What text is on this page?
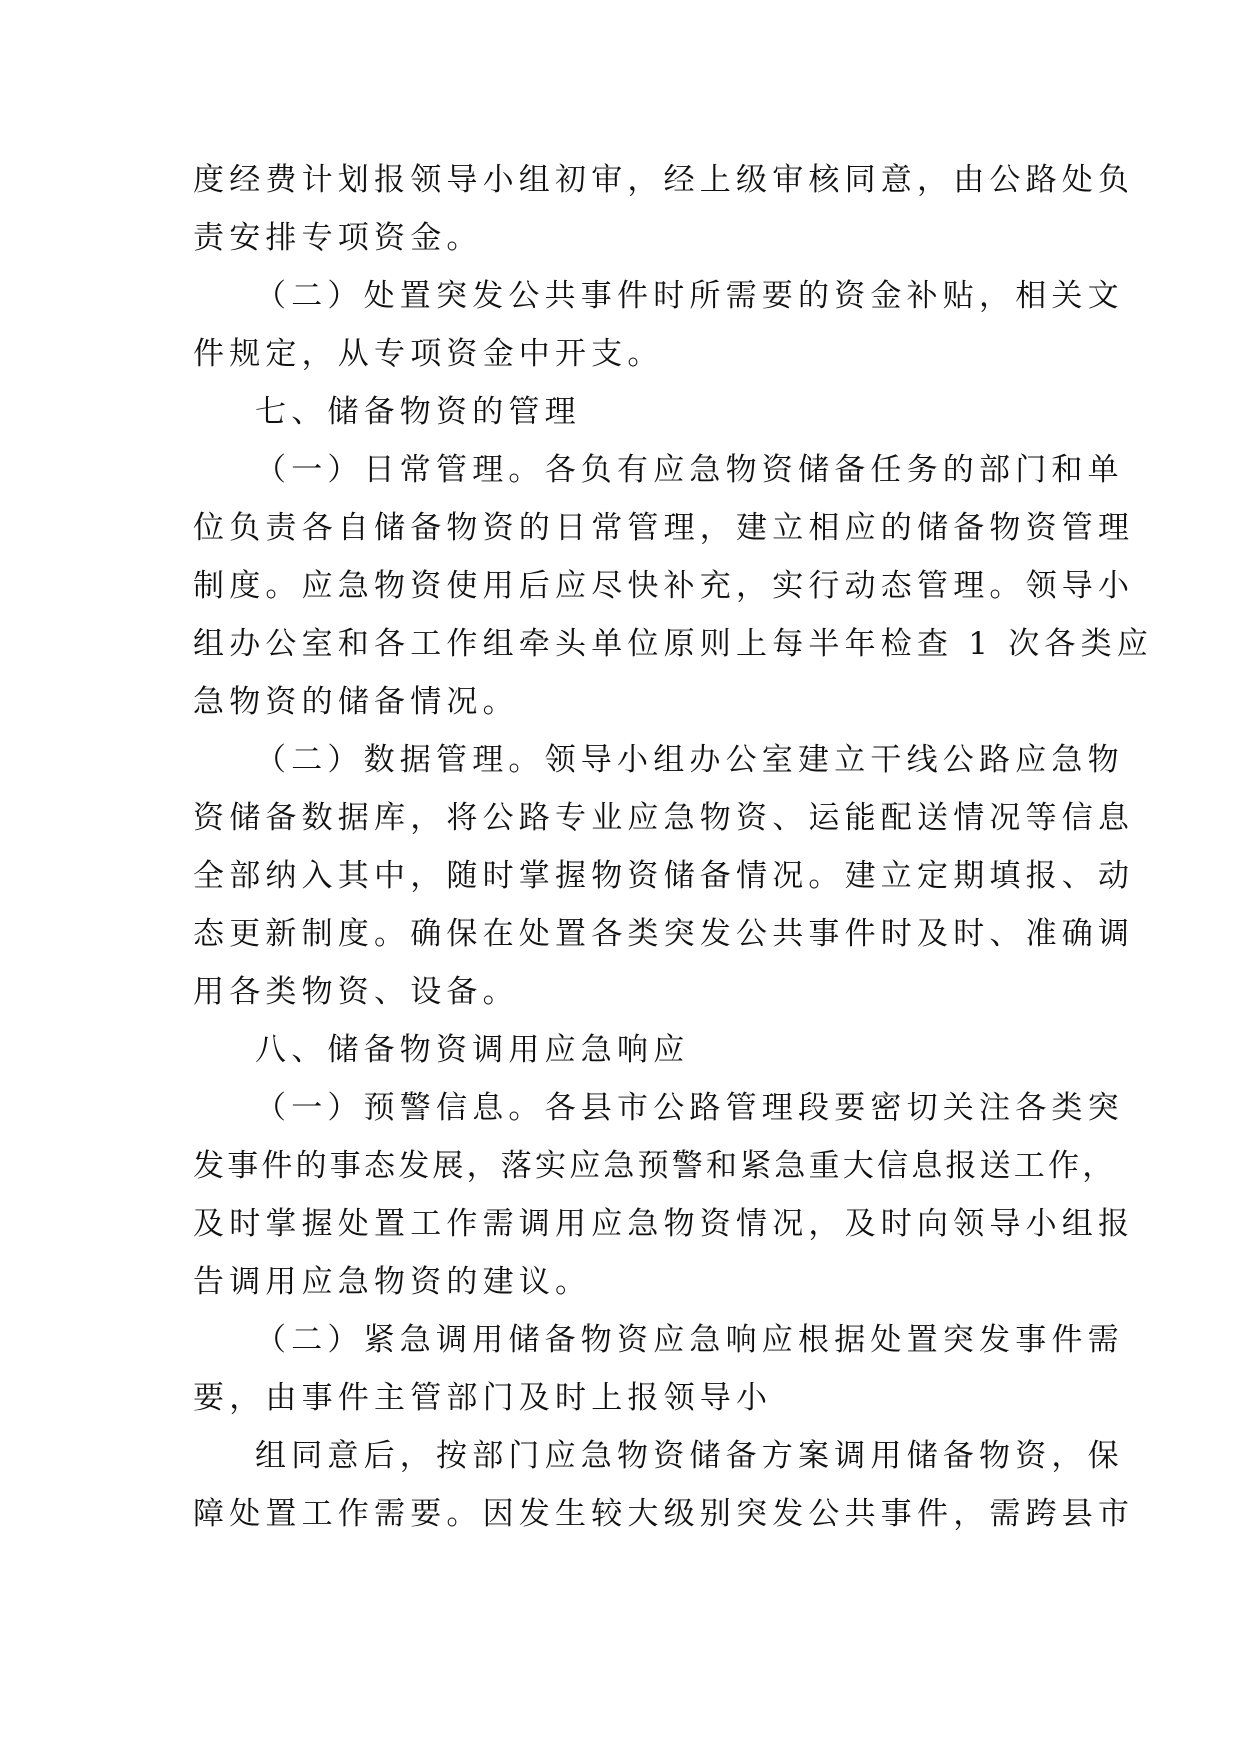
度经费计划报领导小组初审，经上级审核同意，由公路处负
责安排专项资金。
（二）处置突发公共事件时所需要的资金补贴，相关文
件规定，从专项资金中开支。
七、储备物资的管理
（一）日常管理。各负有应急物资储备任务的部门和单
位负责各自储备物资的日常管理，建立相应的储备物资管理
制度。应急物资使用后应尽快补充，实行动态管理。领导小
组办公室和各工作组牵头单位原则上每半年检查 1 次各类应
急物资的储备情况。
（二）数据管理。领导小组办公室建立干线公路应急物
资储备数据库，将公路专业应急物资、运能配送情况等信息
全部纳入其中，随时掌握物资储备情况。建立定期填报、动
态更新制度。确保在处置各类突发公共事件时及时、准确调
用各类物资、设备。
八、储备物资调用应急响应
（一）预警信息。各县市公路管理段要密切关注各类突
发事件的事态发展，落实应急预警和紧急重大信息报送工作，
及时掌握处置工作需调用应急物资情况，及时向领导小组报
告调用应急物资的建议。
（二）紧急调用储备物资应急响应根据处置突发事件需
要，由事件主管部门及时上报领导小
组同意后，按部门应急物资储备方案调用储备物资，保
障处置工作需要。因发生较大级别突发公共事件，需跨县市
